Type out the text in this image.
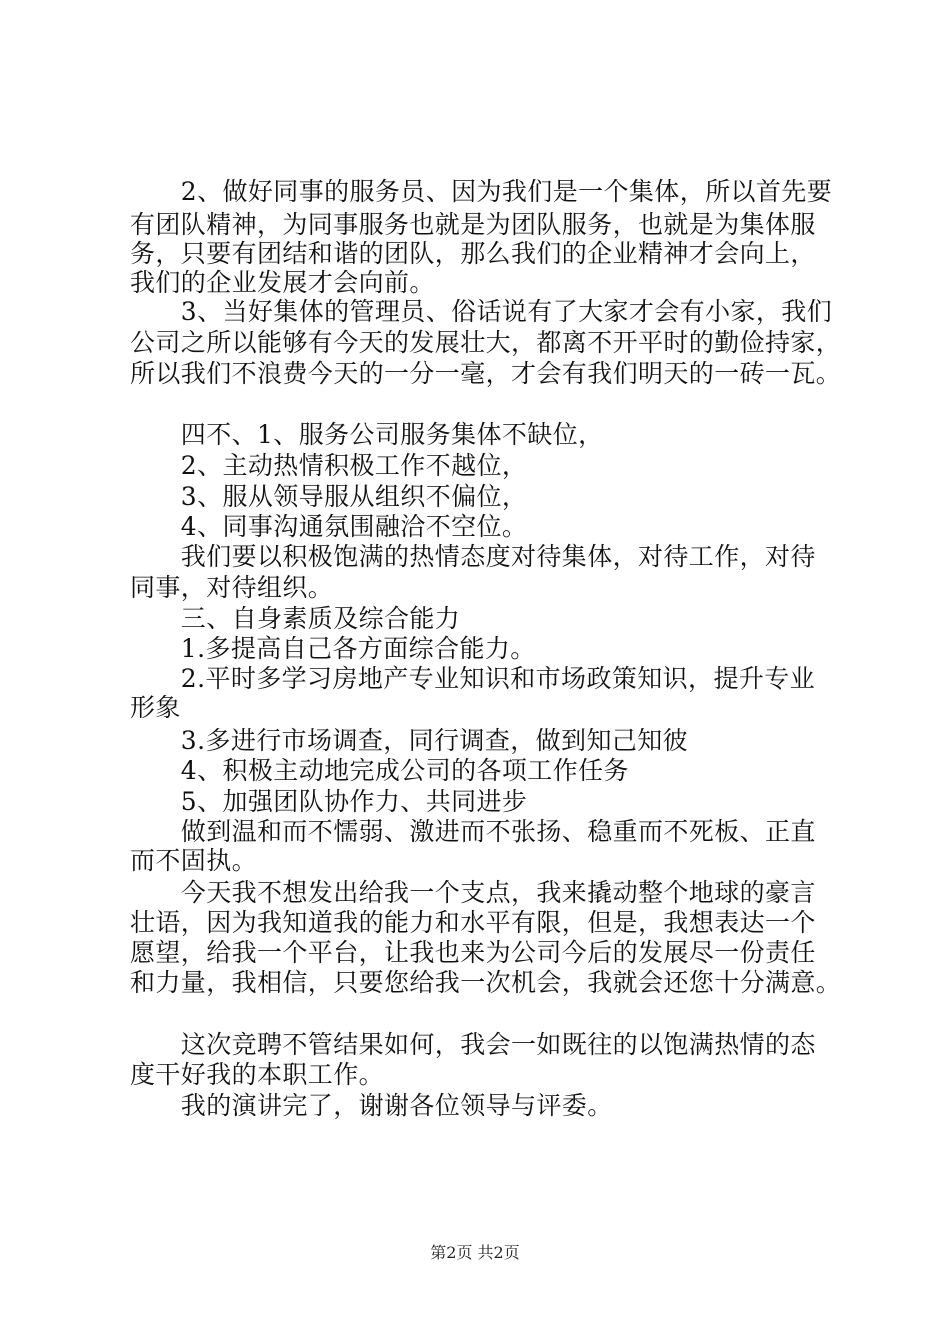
　　2、做好同事的服务员、因为我们是一个集体，所以首先要
有团队精神，为同事服务也就是为团队服务，也就是为集体服
务，只要有团结和谐的团队，那么我们的企业精神才会向上，
我们的企业发展才会向前。
　　3、当好集体的管理员、俗话说有了大家才会有小家，我们
公司之所以能够有今天的发展壮大，都离不开平时的勤俭持家，
所以我们不浪费今天的一分一毫，才会有我们明天的一砖一瓦。
　　四不、1、服务公司服务集体不缺位，
　　2、主动热情积极工作不越位，
　　3、服从领导服从组织不偏位，
　　4、同事沟通氛围融洽不空位。
　　我们要以积极饱满的热情态度对待集体，对待工作，对待
同事，对待组织。
　　三、自身素质及综合能力
　　1.多提高自己各方面综合能力。
　　2.平时多学习房地产专业知识和市场政策知识，提升专业
形象
　　3.多进行市场调查，同行调查，做到知己知彼
　　4、积极主动地完成公司的各项工作任务
　　5、加强团队协作力、共同进步
　　做到温和而不懦弱、激进而不张扬、稳重而不死板、正直
而不固执。
　　今天我不想发出给我一个支点，我来撬动整个地球的豪言
壮语，因为我知道我的能力和水平有限，但是，我想表达一个
愿望，给我一个平台，让我也来为公司今后的发展尽一份责任
和力量，我相信，只要您给我一次机会，我就会还您十分满意。
　　这次竞聘不管结果如何，我会一如既往的以饱满热情的态
度干好我的本职工作。
　　我的演讲完了，谢谢各位领导与评委。
第2页 共2页
